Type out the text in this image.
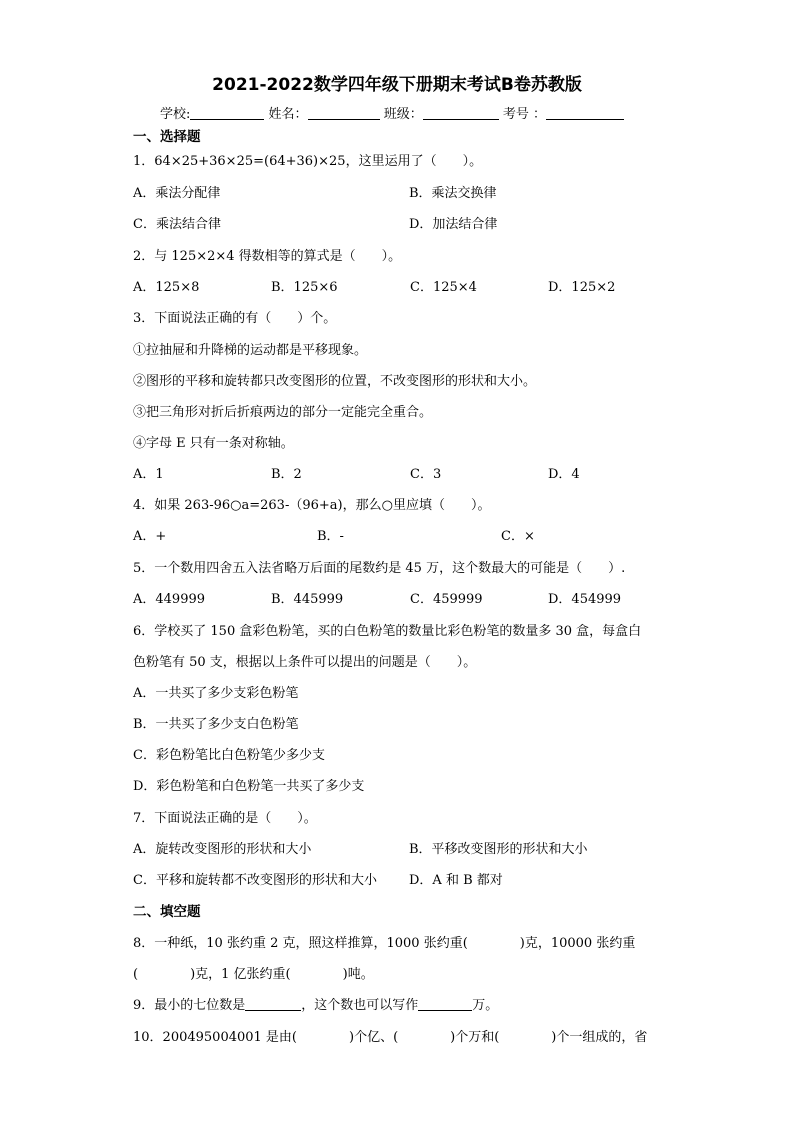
2021-2022数学四年级下册期末考试B卷苏教版
学校:	姓名：	班级：	考号 ：
一、选择题
1．64×25+36×25=(64+36)×25，这里运用了（　　）。
A．乘法分配律	B．乘法交换律
C．乘法结合律	D．加法结合律
2．与 125×2×4 得数相等的算式是（　　）。
A．125×8	B．125×6	C．125×4	D．125×2
3．下面说法正确的有（　　）个。
①拉抽屉和升降梯的运动都是平移现象。
②图形的平移和旋转都只改变图形的位置，不改变图形的形状和大小。
③把三角形对折后折痕两边的部分一定能完全重合。
④字母 E 只有一条对称轴。
A．1	B．2	C．3	D．4
4．如果 263-96○a=263-（96+a)，那么○里应填（　　）。
A．+	B．-	C．×
5．一个数用四舍五入法省略万后面的尾数约是 45 万，这个数最大的可能是（　　）.
A．449999	B．445999	C．459999	D．454999
6．学校买了 150 盒彩色粉笔，买的白色粉笔的数量比彩色粉笔的数量多 30 盒，每盒白
色粉笔有 50 支，根据以上条件可以提出的问题是（　　）。
A．一共买了多少支彩色粉笔
B．一共买了多少支白色粉笔
C．彩色粉笔比白色粉笔少多少支
D．彩色粉笔和白色粉笔一共买了多少支
7．下面说法正确的是（　　）。
A．旋转改变图形的形状和大小	B．平移改变图形的形状和大小
C．平移和旋转都不改变图形的形状和大小 D．A 和 B 都对
二、填空题
8．一种纸，10 张约重 2 克，照这样推算，1000 张约重(　　　　)克，10000 张约重
(　　　　)克，1 亿张约重(　　　　)吨。
9．最小的七位数是	，这个数也可以写作	万。
10．200495004001 是由(　　　　)个亿、(　　　　)个万和(　　　　)个一组成的，省
